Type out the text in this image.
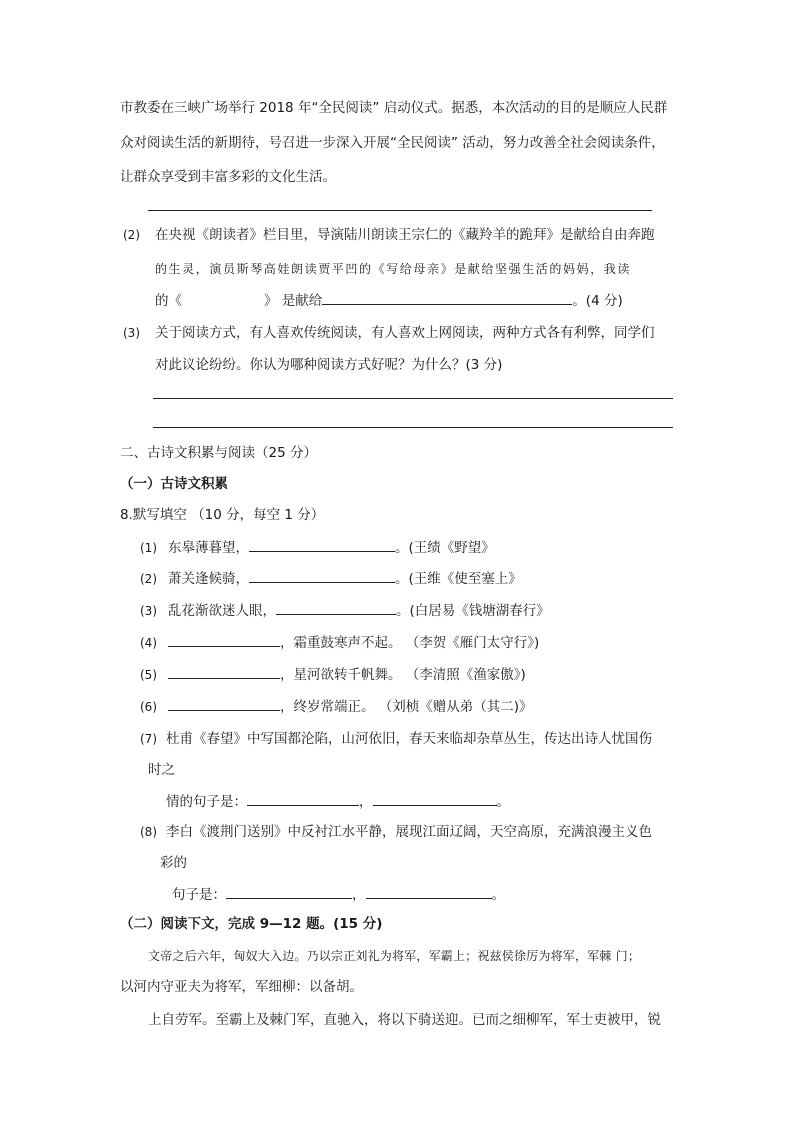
市教委在三峡广场举行 2018 年“全民阅读” 启动仪式。据悉，本次活动的目的是顺应人民群
众对阅读生活的新期待，号召进一步深入开展“全民阅读” 活动，努力改善全社会阅读条件，
让群众享受到丰富多彩的文化生活。
(2) 在央视《朗读者》栏目里，导演陆川朗读王宗仁的《藏羚羊的跪拜》是献给自由奔跑
的生灵，演员斯琴高娃朗读贾平凹的《写给母亲》是献给坚强生活的妈妈，我读
的《	》 是献给	。(4 分)
(3) 关于阅读方式，有人喜欢传统阅读，有人喜欢上网阅读，两种方式各有利弊，同学们
对此议论纷纷。你认为哪种阅读方式好呢？为什么？(3 分)
二、古诗文积累与阅读（25 分）
（一）古诗文积累
8.默写填空 （10 分，每空 1 分）
(1) 东皋薄暮望，	。(王绩《野望》
(2) 萧关逢候骑，	。(王维《使至塞上》
(3) 乱花渐欲迷人眼，	。(白居易《钱塘湖春行》
(4)	，霜重鼓寒声不起。 （李贺《雁门太守行》)
(5)	，星河欲转千帆舞。 （李清照《渔家傲》)
(6)	，终岁常端正。 （刘桢《赠从弟（其二)》
(7) 杜甫《春望》中写国都沦陷，山河依旧，春天来临却杂草丛生，传达出诗人忧国伤
时之
情的句子是：	，	。
(8) 李白《渡荆门送别》中反衬江水平静，展现江面辽阔，天空高原，充满浪漫主义色
彩的
句子是：	，	。
（二）阅读下文，完成 9—12 题。(15 分)
文帝之后六年，匈奴大入边。乃以宗正刘礼为将军，军霸上；祝兹侯徐厉为将军，军棘 门；
以河内守亚夫为将军，军细柳：以备胡。
上自劳军。至霸上及棘门军，直驰入，将以下骑送迎。已而之细柳军，军士吏被甲，锐
